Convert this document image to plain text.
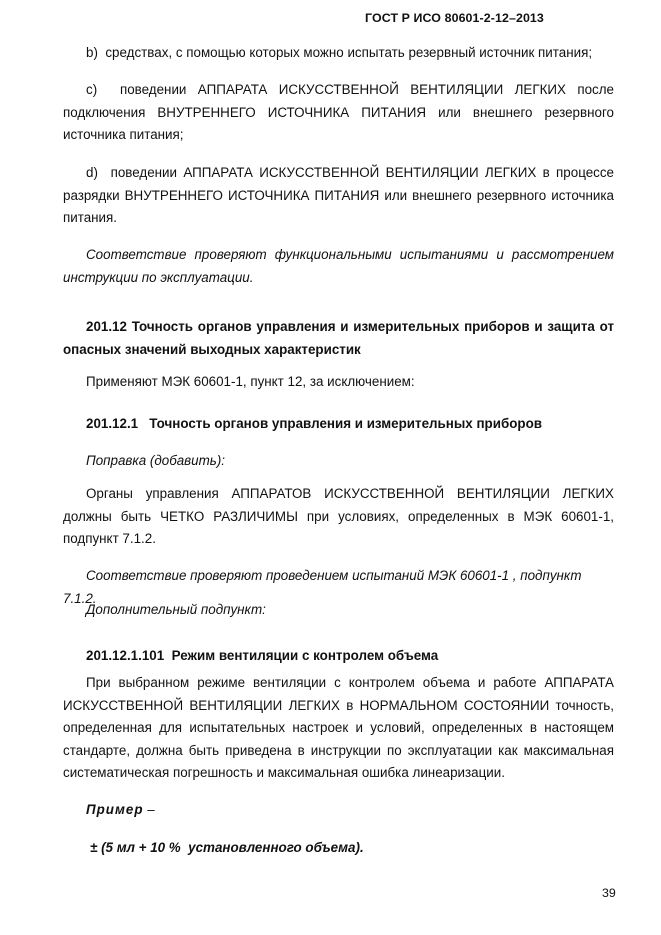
ГОСТ Р ИСО 80601-2-12–2013

b)  средствах, с помощью которых можно испытать резервный источник питания;

c)  поведении АППАРАТА ИСКУССТВЕННОЙ ВЕНТИЛЯЦИИ ЛЕГКИХ после подключения ВНУТРЕННЕГО ИСТОЧНИКА ПИТАНИЯ или внешнего резервного источника питания;

d)  поведении АППАРАТА ИСКУССТВЕННОЙ ВЕНТИЛЯЦИИ ЛЕГКИХ в процессе разрядки ВНУТРЕННЕГО ИСТОЧНИКА ПИТАНИЯ или внешнего резервного источника питания.

Соответствие проверяют функциональными испытаниями и рассмотрением инструкции по эксплуатации.

201.12 Точность органов управления и измерительных приборов и защита от опасных значений выходных характеристик

Применяют МЭК 60601-1, пункт 12, за исключением:

201.12.1   Точность органов управления и измерительных приборов

Поправка (добавить):

Органы управления АППАРАТОВ ИСКУССТВЕННОЙ ВЕНТИЛЯЦИИ ЛЕГКИХ должны быть ЧЕТКО РАЗЛИЧИМЫ при условиях, определенных в МЭК 60601-1, подпункт 7.1.2.

Соответствие проверяют проведением испытаний МЭК 60601-1 , подпункт 7.1.2.

Дополнительный подпункт:

201.12.1.101  Режим вентиляции с контролем объема

При выбранном режиме вентиляции с контролем объема и работе АППАРАТА ИСКУССТВЕННОЙ ВЕНТИЛЯЦИИ ЛЕГКИХ в НОРМАЛЬНОМ СОСТОЯНИИ точность, определенная для испытательных настроек и условий, определенных в настоящем стандарте, должна быть приведена в инструкции по эксплуатации как максимальная систематическая погрешность и максимальная ошибка линеаризации.

Пример –

± (5 мл + 10 %  установленного объема).

39
